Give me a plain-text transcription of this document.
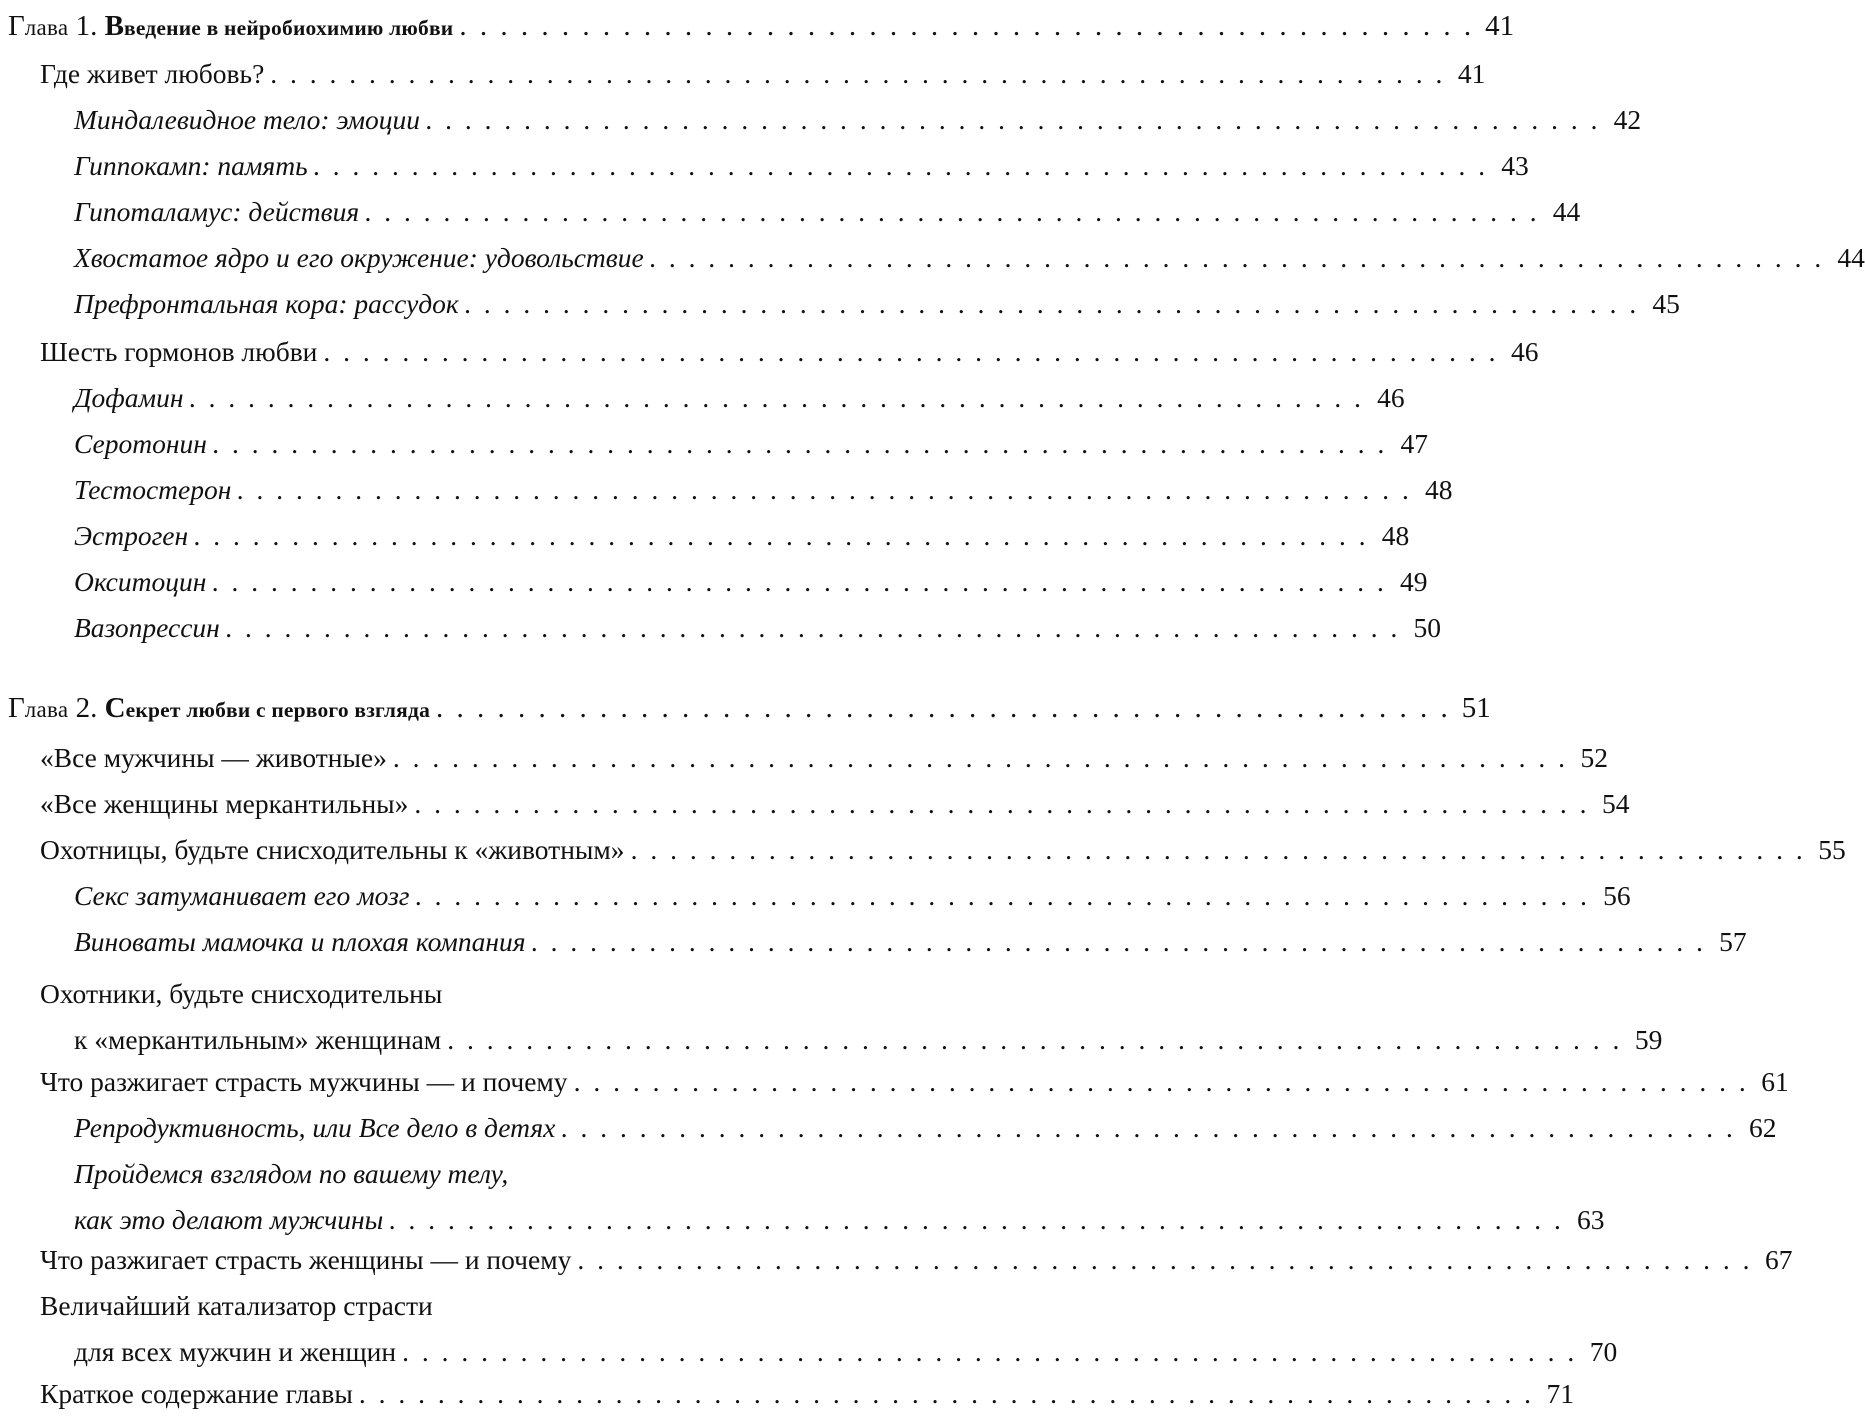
Глава 1. Введение в нейробиохимию любви . . . . . . . . . . . . . . . . . . . . . . . . . . . . . . . . . . . . . . . . . . . . . . . . . . 41
Где живет любовь? . . . . . . . . . . . . . . . . . . . . . . . . . . . . . . . . . . . . . . . . . . . . . . . . . . . . . . . . . . . . 41
Миндалевидное тело: эмоции . . . . . . . . . . . . . . . . . . . . . . . . . . . . . . . . . . . . . . . . . . . . . . . . . . . . . . . . . . . . 42
Гиппокамп: память . . . . . . . . . . . . . . . . . . . . . . . . . . . . . . . . . . . . . . . . . . . . . . . . . . . . . . . . . . . . 43
Гипоталамус: действия . . . . . . . . . . . . . . . . . . . . . . . . . . . . . . . . . . . . . . . . . . . . . . . . . . . . . . . . . . . . 44
Хвостатое ядро и его окружение: удовольствие . . . . . . . . . . . . . . . . . . . . . . . . . . . . . . . . . . . . . . . . . . . . . . . . . . . . . . . . . . . . 44
Префронтальная кора: рассудок . . . . . . . . . . . . . . . . . . . . . . . . . . . . . . . . . . . . . . . . . . . . . . . . . . . . . . . . . . . . 45
Шесть гормонов любви . . . . . . . . . . . . . . . . . . . . . . . . . . . . . . . . . . . . . . . . . . . . . . . . . . . . . . . . . . . . 46
Дофамин . . . . . . . . . . . . . . . . . . . . . . . . . . . . . . . . . . . . . . . . . . . . . . . . . . . . . . . . . . . . 46
Серотонин . . . . . . . . . . . . . . . . . . . . . . . . . . . . . . . . . . . . . . . . . . . . . . . . . . . . . . . . . . . . 47
Тестостерон . . . . . . . . . . . . . . . . . . . . . . . . . . . . . . . . . . . . . . . . . . . . . . . . . . . . . . . . . . . . 48
Эстроген . . . . . . . . . . . . . . . . . . . . . . . . . . . . . . . . . . . . . . . . . . . . . . . . . . . . . . . . . . . . 48
Окситоцин . . . . . . . . . . . . . . . . . . . . . . . . . . . . . . . . . . . . . . . . . . . . . . . . . . . . . . . . . . . . 49
Вазопрессин . . . . . . . . . . . . . . . . . . . . . . . . . . . . . . . . . . . . . . . . . . . . . . . . . . . . . . . . . . . . 50
Глава 2. Секрет любви с первого взгляда . . . . . . . . . . . . . . . . . . . . . . . . . . . . . . . . . . . . . . . . . . . . . . . . . . 51
«Все мужчины — животные» . . . . . . . . . . . . . . . . . . . . . . . . . . . . . . . . . . . . . . . . . . . . . . . . . . . . . . . . . . . . 52
«Все женщины меркантильны» . . . . . . . . . . . . . . . . . . . . . . . . . . . . . . . . . . . . . . . . . . . . . . . . . . . . . . . . . . . . 54
Охотницы, будьте снисходительны к «животным» . . . . . . . . . . . . . . . . . . . . . . . . . . . . . . . . . . . . . . . . . . . . . . . . . . . . . . . . . . . . 55
Секс затуманивает его мозг . . . . . . . . . . . . . . . . . . . . . . . . . . . . . . . . . . . . . . . . . . . . . . . . . . . . . . . . . . . . 56
Виноваты мамочка и плохая компания . . . . . . . . . . . . . . . . . . . . . . . . . . . . . . . . . . . . . . . . . . . . . . . . . . . . . . . . . . . . 57
Охотники, будьте снисходительны
к «меркантильным» женщинам . . . . . . . . . . . . . . . . . . . . . . . . . . . . . . . . . . . . . . . . . . . . . . . . . . . . . . . . . . . . 59
Что разжигает страсть мужчины — и почему . . . . . . . . . . . . . . . . . . . . . . . . . . . . . . . . . . . . . . . . . . . . . . . . . . . . . . . . . . . . 61
Репродуктивность, или Все дело в детях . . . . . . . . . . . . . . . . . . . . . . . . . . . . . . . . . . . . . . . . . . . . . . . . . . . . . . . . . . . . 62
Пройдемся взглядом по вашему телу,
как это делают мужчины . . . . . . . . . . . . . . . . . . . . . . . . . . . . . . . . . . . . . . . . . . . . . . . . . . . . . . . . . . . . 63
Что разжигает страсть женщины — и почему . . . . . . . . . . . . . . . . . . . . . . . . . . . . . . . . . . . . . . . . . . . . . . . . . . . . . . . . . . . . 67
Величайший катализатор страсти
для всех мужчин и женщин . . . . . . . . . . . . . . . . . . . . . . . . . . . . . . . . . . . . . . . . . . . . . . . . . . . . . . . . . . . . 70
Краткое содержание главы . . . . . . . . . . . . . . . . . . . . . . . . . . . . . . . . . . . . . . . . . . . . . . . . . . . . . . . . . . . . 71
